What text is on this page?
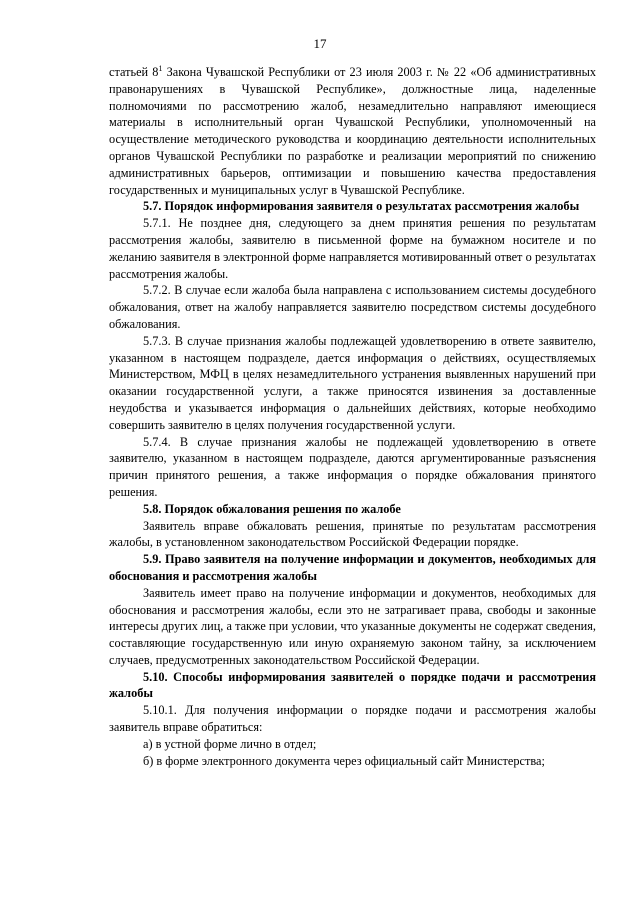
17

статьей $8^1$ Закона Чувашской Республики от 23 июля 2003 г. № 22 «Об административных правонарушениях в Чувашской Республике», должностные лица, наделенные полномочиями по рассмотрению жалоб, незамедлительно направляют имеющиеся материалы в исполнительный орган Чувашской Республики, уполномоченный на осуществление методического руководства и координацию деятельности исполнительных органов Чувашской Республики по разработке и реализации мероприятий по снижению административных барьеров, оптимизации и повышению качества предоставления государственных и муниципальных услуг в Чувашской Республике.

5.7. Порядок информирования заявителя о результатах рассмотрения жалобы

5.7.1. Не позднее дня, следующего за днем принятия решения по результатам рассмотрения жалобы, заявителю в письменной форме на бумажном носителе и по желанию заявителя в электронной форме направляется мотивированный ответ о результатах рассмотрения жалобы.

5.7.2. В случае если жалоба была направлена с использованием системы досудебного обжалования, ответ на жалобу направляется заявителю посредством системы досудебного обжалования.

5.7.3. В случае признания жалобы подлежащей удовлетворению в ответе заявителю, указанном в настоящем подразделе, дается информация о действиях, осуществляемых Министерством, МФЦ в целях незамедлительного устранения выявленных нарушений при оказании государственной услуги, а также приносятся извинения за доставленные неудобства и указывается информация о дальнейших действиях, которые необходимо совершить заявителю в целях получения государственной услуги.

5.7.4. В случае признания жалобы не подлежащей удовлетворению в ответе заявителю, указанном в настоящем подразделе, даются аргументированные разъяснения причин принятого решения, а также информация о порядке обжалования принятого решения.

5.8. Порядок обжалования решения по жалобе

Заявитель вправе обжаловать решения, принятые по результатам рассмотрения жалобы, в установленном законодательством Российской Федерации порядке.

5.9. Право заявителя на получение информации и документов, необходимых для обоснования и рассмотрения жалобы

Заявитель имеет право на получение информации и документов, необходимых для обоснования и рассмотрения жалобы, если это не затрагивает права, свободы и законные интересы других лиц, а также при условии, что указанные документы не содержат сведения, составляющие государственную или иную охраняемую законом тайну, за исключением случаев, предусмотренных законодательством Российской Федерации.

5.10. Способы информирования заявителей о порядке подачи и рассмотрения жалобы

5.10.1. Для получения информации о порядке подачи и рассмотрения жалобы заявитель вправе обратиться:

а) в устной форме лично в отдел;

б) в форме электронного документа через официальный сайт Министерства;
